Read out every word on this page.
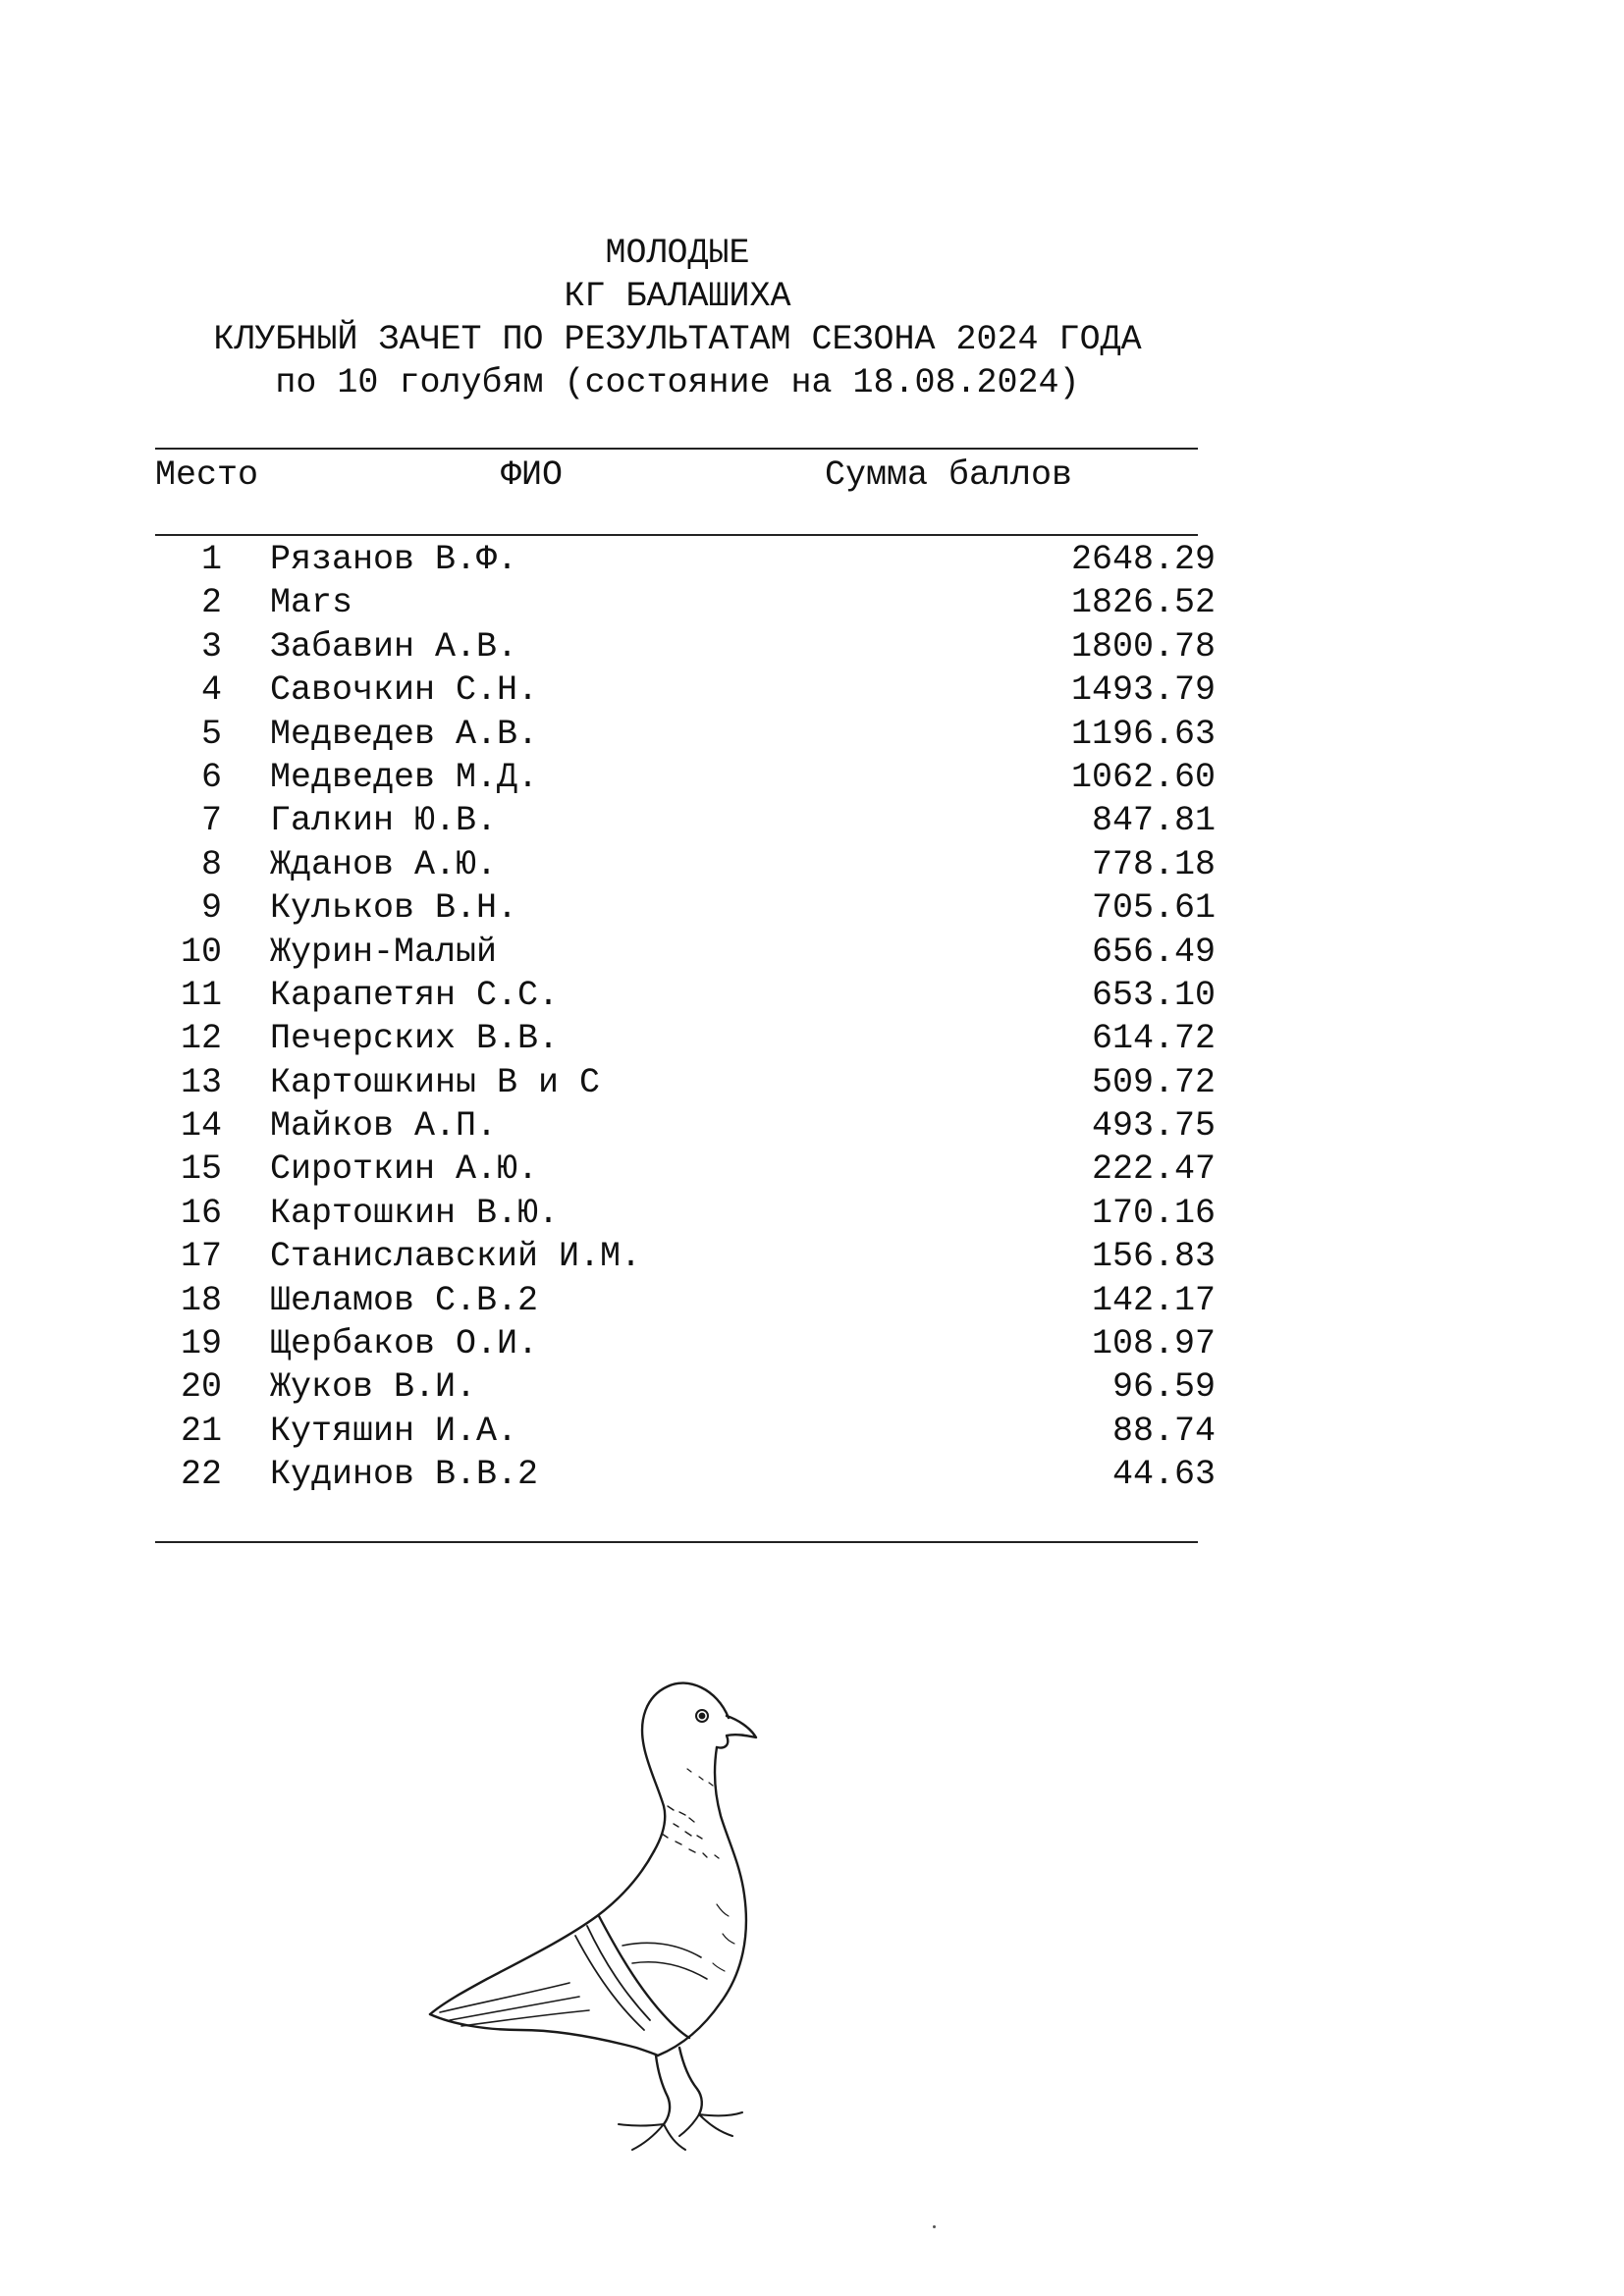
МОЛОДЫЕ
КГ БАЛАШИХА
КЛУБНЫЙ ЗАЧЕТ ПО РЕЗУЛЬТАТАМ СЕЗОНА 2024 ГОДА
по 10 голубям (состояние на 18.08.2024)
Место	ФИО	Сумма баллов
1 Рязанов В.Ф.	2648.29
2 Mars	1826.52
3 Забавин А.В.	1800.78
4 Савочкин С.Н.	1493.79
5 Медведев А.В.	1196.63
6 Медведев М.Д.	1062.60
7 Галкин Ю.В.	847.81
8 Жданов А.Ю.	778.18
9 Кульков В.Н.	705.61
10 Журин-Малый	656.49
11 Карапетян С.С.	653.10
12 Печерских В.В.	614.72
13 Картошкины В и С	509.72
14 Майков А.П.	493.75
15 Сироткин А.Ю.	222.47
16 Картошкин В.Ю.	170.16
17 Станиславский И.М.	156.83
18 Шеламов С.В.2	142.17
19 Щербаков О.И.	108.97
20 Жуков В.И.	96.59
21 Кутяшин И.А.	88.74
22 Кудинов В.В.2	44.63
